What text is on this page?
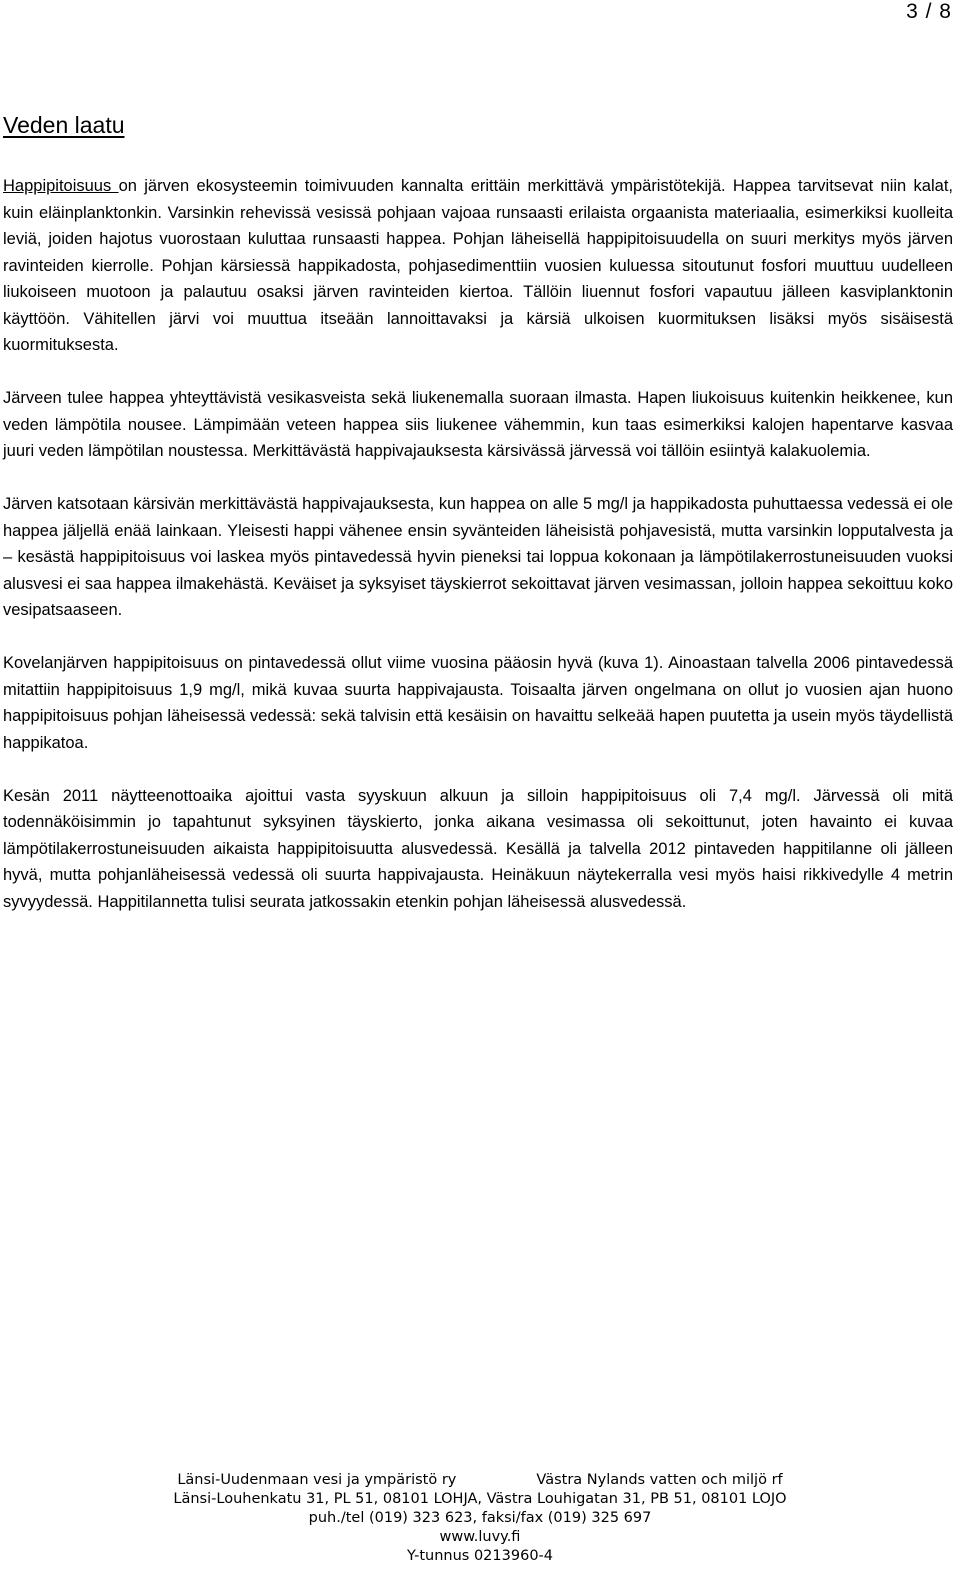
3 / 8
Veden laatu

Happipitoisuus on järven ekosysteemin toimivuuden kannalta erittäin merkittävä ympäristötekijä. Happea tarvitsevat niin kalat, kuin eläinplanktonkin. Varsinkin rehevissä vesissä pohjaan vajoaa runsaasti erilaista orgaanista materiaalia, esimerkiksi kuolleita leviä, joiden hajotus vuorostaan kuluttaa runsaasti happea. Pohjan läheisellä happipitoisuudella on suuri merkitys myös järven ravinteiden kierrolle. Pohjan kärsiessä happikadosta, pohjasedimenttiin vuosien kuluessa sitoutunut fosfori muuttuu uudelleen liukoiseen muotoon ja palautuu osaksi järven ravinteiden kiertoa. Tällöin liuennut fosfori vapautuu jälleen kasviplanktonin käyttöön. Vähitellen järvi voi muuttua itseään lannoittavaksi ja kärsiä ulkoisen kuormituksen lisäksi myös sisäisestä kuormituksesta.

Järveen tulee happea yhteyttävistä vesikasveista sekä liukenemalla suoraan ilmasta. Hapen liukoisuus kuitenkin heikkenee, kun veden lämpötila nousee. Lämpimään veteen happea siis liukenee vähemmin, kun taas esimerkiksi kalojen hapentarve kasvaa juuri veden lämpötilan noustessa. Merkittävästä happivajauksesta kärsivässä järvessä voi tällöin esiintyä kalakuolemia.

Järven katsotaan kärsivän merkittävästä happivajauksesta, kun happea on alle 5 mg/l ja happikadosta puhuttaessa vedessä ei ole happea jäljellä enää lainkaan. Yleisesti happi vähenee ensin syvänteiden läheisistä pohjavesistä, mutta varsinkin lopputalvesta ja – kesästä happipitoisuus voi laskea myös pintavedessä hyvin pieneksi tai loppua kokonaan ja lämpötilakerrostuneisuuden vuoksi alusvesi ei saa happea ilmakehästä. Keväiset ja syksyiset täyskierrot sekoittavat järven vesimassan, jolloin happea sekoittuu koko vesipatsaaseen.

Kovelanjärven happipitoisuus on pintavedessä ollut viime vuosina pääosin hyvä (kuva 1). Ainoastaan talvella 2006 pintavedessä mitattiin happipitoisuus 1,9 mg/l, mikä kuvaa suurta happivajausta. Toisaalta järven ongelmana on ollut jo vuosien ajan huono happipitoisuus pohjan läheisessä vedessä: sekä talvisin että kesäisin on havaittu selkeää hapen puutetta ja usein myös täydellistä happikatoa.

Kesän 2011 näytteenottoaika ajoittui vasta syyskuun alkuun ja silloin happipitoisuus oli 7,4 mg/l. Järvessä oli mitä todennäköisimmin jo tapahtunut syksyinen täyskierto, jonka aikana vesimassa oli sekoittunut, joten havainto ei kuvaa lämpötilakerrostuneisuuden aikaista happipitoisuutta alusvedessä. Kesällä ja talvella 2012 pintaveden happitilanne oli jälleen hyvä, mutta pohjanläheisessä vedessä oli suurta happivajausta. Heinäkuun näytekerralla vesi myös haisi rikkivedylle 4 metrin syvyydessä. Happitilannetta tulisi seurata jatkossakin etenkin pohjan läheisessä alusvedessä.

Länsi-Uudenmaan vesi ja ympäristö ry	Västra Nylands vatten och miljö rf
Länsi-Louhenkatu 31, PL 51, 08101 LOHJA, Västra Louhigatan 31, PB 51, 08101 LOJO
puh./tel (019) 323 623, faksi/fax (019) 325 697
www.luvy.fi
Y-tunnus 0213960-4
